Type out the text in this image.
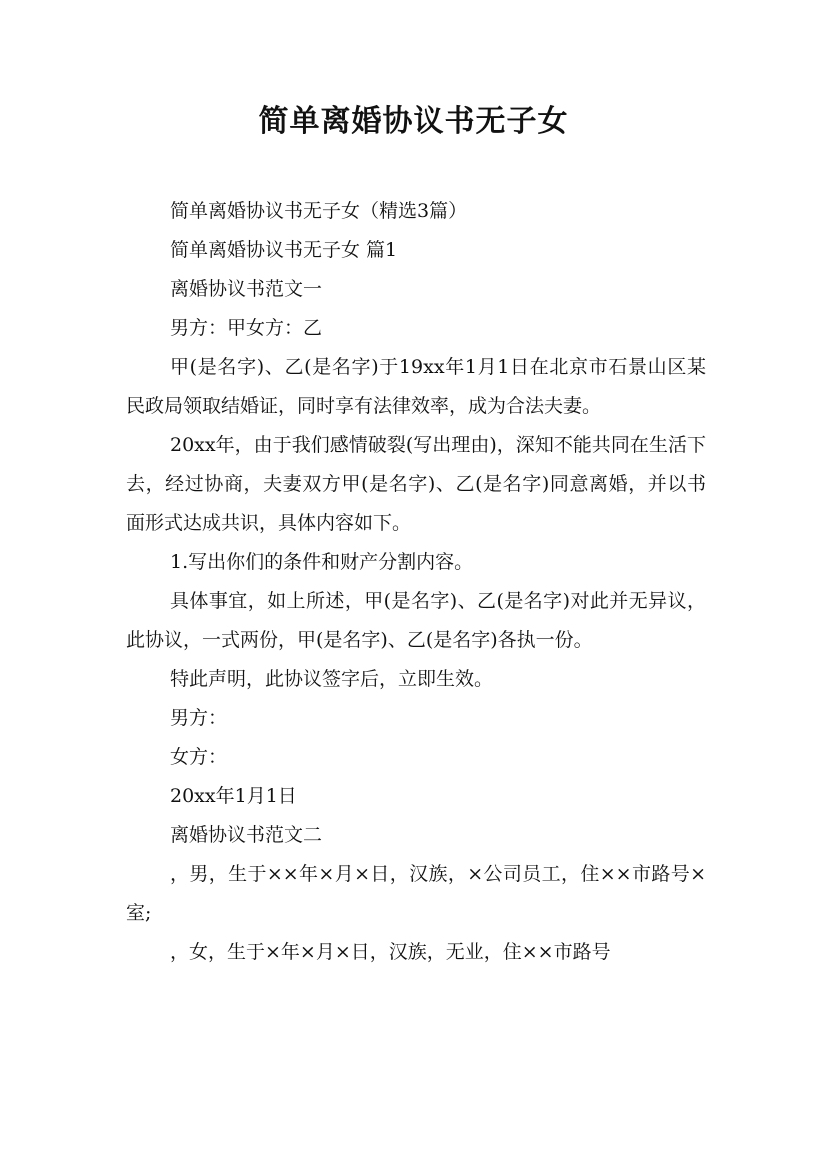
简单离婚协议书无子女

简单离婚协议书无子女（精选3篇）

简单离婚协议书无子女 篇1

离婚协议书范文一

男方：甲女方：乙

甲(是名字)、乙(是名字)于19xx年1月1日在北京市石景山区某民政局领取结婚证，同时享有法律效率，成为合法夫妻。

20xx年，由于我们感情破裂(写出理由)，深知不能共同在生活下去，经过协商，夫妻双方甲(是名字)、乙(是名字)同意离婚，并以书面形式达成共识，具体内容如下。

1.写出你们的条件和财产分割内容。

具体事宜，如上所述，甲(是名字)、乙(是名字)对此并无异议，此协议，一式两份，甲(是名字)、乙(是名字)各执一份。

特此声明，此协议签字后，立即生效。

男方：

女方：

20xx年1月1日

离婚协议书范文二

，男，生于××年×月×日，汉族，×公司员工，住××市路号×室;

，女，生于×年×月×日，汉族，无业，住××市路号
